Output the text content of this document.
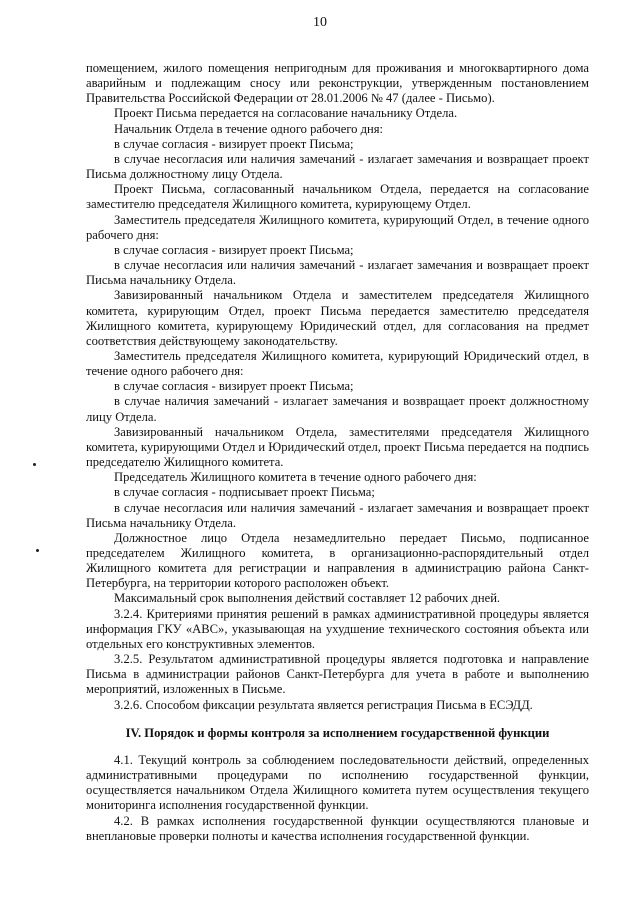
10

помещением, жилого помещения непригодным для проживания и многоквартирного дома аварийным и подлежащим сносу или реконструкции, утвержденным постановлением Правительства Российской Федерации от 28.01.2006 № 47 (далее - Письмо).

Проект Письма передается на согласование начальнику Отдела.

Начальник Отдела в течение одного рабочего дня:

в случае согласия - визирует проект Письма;

в случае несогласия или наличия замечаний - излагает замечания и возвращает проект Письма должностному лицу Отдела.

Проект Письма, согласованный начальником Отдела, передается на согласование заместителю председателя Жилищного комитета, курирующему Отдел.

Заместитель председателя Жилищного комитета, курирующий Отдел, в течение одного рабочего дня:

в случае согласия - визирует проект Письма;

в случае несогласия или наличия замечаний - излагает замечания и возвращает проект Письма начальнику Отдела.

Завизированный начальником Отдела и заместителем председателя Жилищного комитета, курирующим Отдел, проект Письма передается заместителю председателя Жилищного комитета, курирующему Юридический отдел, для согласования на предмет соответствия действующему законодательству.

Заместитель председателя Жилищного комитета, курирующий Юридический отдел, в течение одного рабочего дня:

в случае согласия - визирует проект Письма;

в случае наличия замечаний - излагает замечания и возвращает проект должностному лицу Отдела.

Завизированный начальником Отдела, заместителями председателя Жилищного комитета, курирующими Отдел и Юридический отдел, проект Письма передается на подпись председателю Жилищного комитета.

Председатель Жилищного комитета в течение одного рабочего дня:

в случае согласия - подписывает проект Письма;

в случае несогласия или наличия замечаний - излагает замечания и возвращает проект Письма начальнику Отдела.

Должностное лицо Отдела незамедлительно передает Письмо, подписанное председателем Жилищного комитета, в организационно-распорядительный отдел Жилищного комитета для регистрации и направления в администрацию района Санкт-Петербурга, на территории которого расположен объект.

Максимальный срок выполнения действий составляет 12 рабочих дней.

3.2.4. Критериями принятия решений в рамках административной процедуры является информация ГКУ «АВС», указывающая на ухудшение технического состояния объекта или отдельных его конструктивных элементов.

3.2.5. Результатом административной процедуры является подготовка и направление Письма в администрации районов Санкт-Петербурга для учета в работе и выполнению мероприятий, изложенных в Письме.

3.2.6. Способом фиксации результата является регистрация Письма в ЕСЭДД.

IV. Порядок и формы контроля за исполнением государственной функции

4.1. Текущий контроль за соблюдением последовательности действий, определенных административными процедурами по исполнению государственной функции, осуществляется начальником Отдела Жилищного комитета путем осуществления текущего мониторинга исполнения государственной функции.

4.2. В рамках исполнения государственной функции осуществляются плановые и внеплановые проверки полноты и качества исполнения государственной функции.
